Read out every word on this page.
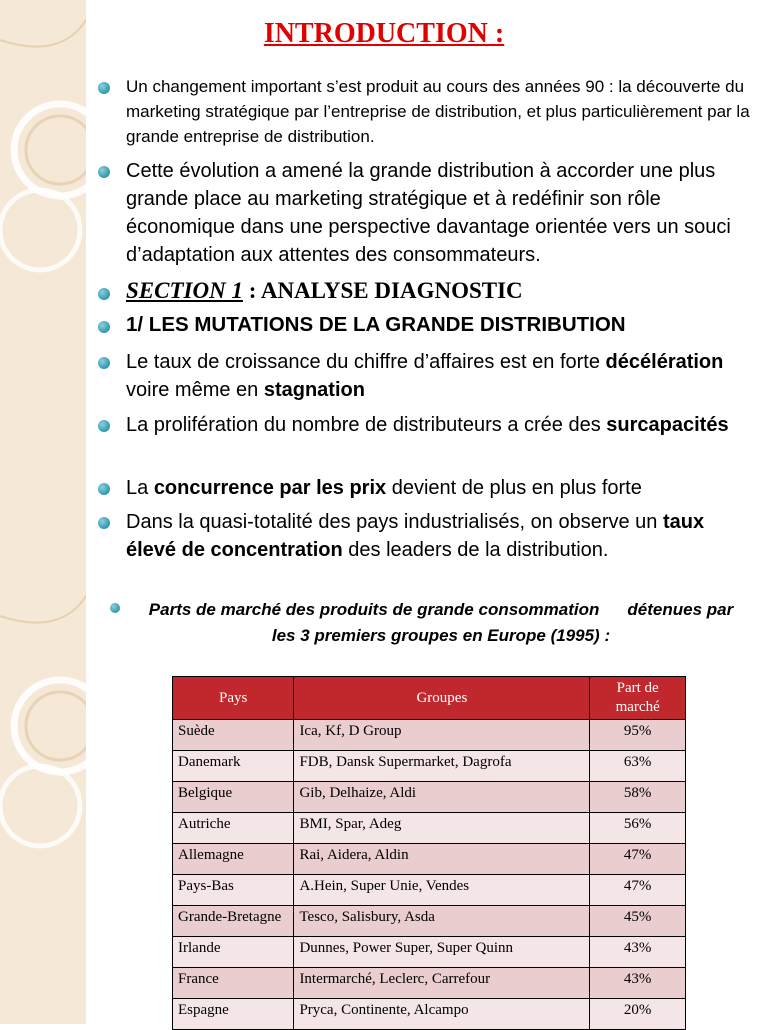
INTRODUCTION :
Un changement important s’est produit au cours des années 90 : la découverte du marketing stratégique par l’entreprise de distribution, et plus particulièrement par la grande entreprise de distribution.
Cette évolution a amené la grande distribution à accorder une plus grande place au marketing stratégique et à redéfinir son rôle économique dans une perspective davantage orientée vers un souci d’adaptation aux attentes des consommateurs.
SECTION 1 : ANALYSE DIAGNOSTIC
1/ LES MUTATIONS DE LA GRANDE DISTRIBUTION
Le taux de croissance du chiffre d’affaires est en forte décélération voire même en stagnation
La prolifération du nombre de distributeurs a crée des surcapacités
La concurrence par les prix devient de plus en plus forte
Dans la quasi-totalité des pays industrialisés, on observe un taux élevé de concentration des leaders de la distribution.
Parts de marché des produits de grande consommation détenues par les 3 premiers groupes en Europe (1995) :
Pays	Groupes	Part de marché
Suède	Ica, Kf, D Group	95%
Danemark	FDB, Dansk Supermarket, Dagrofa	63%
Belgique	Gib, Delhaize, Aldi	58%
Autriche	BMI, Spar, Adeg	56%
Allemagne	Rai, Aidera, Aldin	47%
Pays-Bas	A.Hein, Super Unie, Vendes	47%
Grande-Bretagne	Tesco, Salisbury, Asda	45%
Irlande	Dunnes, Power Super, Super Quinn	43%
France	Intermarché, Leclerc, Carrefour	43%
Espagne	Pryca, Continente, Alcampo	20%
